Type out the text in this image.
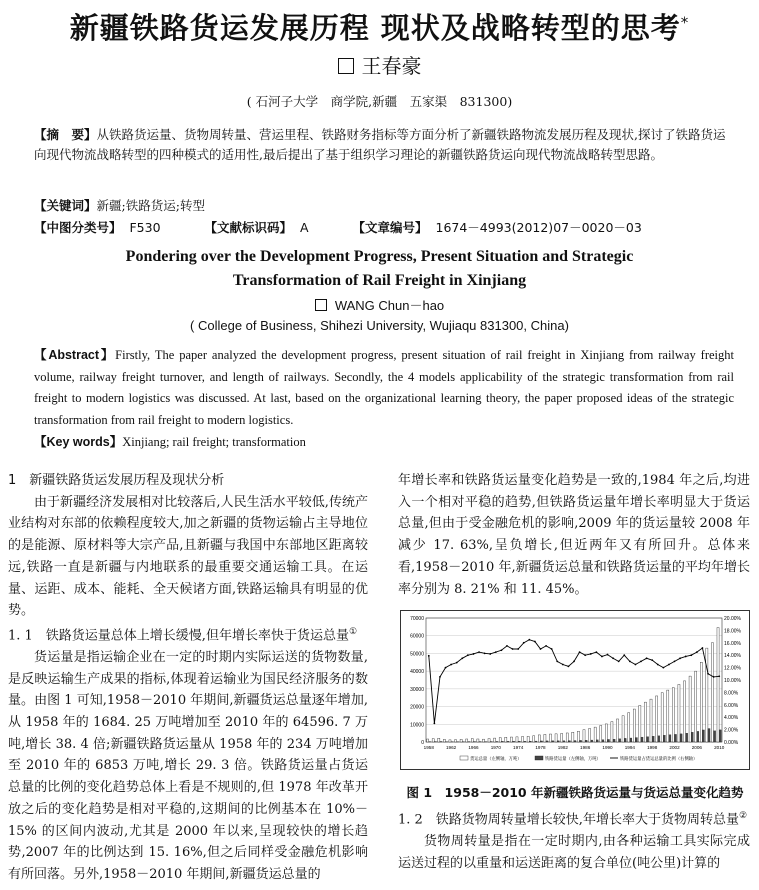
新疆铁路货运发展历程 现状及战略转型的思考*
王春豪
( 石河子大学　商学院,新疆　五家渠　831300)
【摘　要】从铁路货运量、货物周转量、营运里程、铁路财务指标等方面分析了新疆铁路物流发展历程及现状,探讨了铁路货运向现代物流战略转型的四种模式的适用性,最后提出了基于组织学习理论的新疆铁路货运向现代物流战略转型思路。
【关键词】新疆;铁路货运;转型
【中图分类号】 F530	【文献标识码】 A	【文章编号】 1674－4993(2012)07－0020－03
Pondering over the Development Progress, Present Situation and Strategic
Transformation of Rail Freight in Xinjiang
WANG Chun－hao
( College of Business, Shihezi University, Wujiaqu 831300, China)
【Abstract】Firstly, The paper analyzed the development progress, present situation of rail freight in Xinjiang from railway freight volume, railway freight turnover, and length of railways. Secondly, the 4 models applicability of the strategic transformation from rail freight to modern logistics was discussed. At last, based on the organizational learning theory, the paper proposed ideas of the strategic transformation from rail freight to modern logistics.
【Key words】Xinjiang; rail freight; transformation
1　新疆铁路货运发展历程及现状分析

由于新疆经济发展相对比较落后,人民生活水平较低,传统产业结构对东部的依赖程度较大,加之新疆的货物运输占主导地位的是能源、原材料等大宗产品,且新疆与我国中东部地区距离较远,铁路一直是新疆与内地联系的最重要交通运输工具。在运量、运距、成本、能耗、全天候诸方面,铁路运输具有明显的优势。

1. 1　铁路货运量总体上增长缓慢,但年增长率快于货运总量①

货运量是指运输企业在一定的时期内实际运送的货物数量,是反映运输生产成果的指标,体现着运输业为国民经济服务的数量。由图 1 可知,1958－2010 年期间,新疆货运总量逐年增加,从 1958 年的 1684. 25 万吨增加至 2010 年的 64596. 7 万吨,增长 38. 4 倍;新疆铁路货运量从 1958 年的 234 万吨增加至 2010 年的 6853 万吨,增长 29. 3 倍。铁路货运量占货运总量的比例的变化趋势总体上看是不规则的,但 1978 年改革开放之后的变化趋势是相对平稳的,这期间的比例基本在 10%－15% 的区间内波动,尤其是 2000 年以来,呈现较快的增长趋势,2007 年的比例达到 15. 16%,但之后同样受金融危机影响有所回落。另外,1958－2010 年期间,新疆货运总量的

年增长率和铁路货运量变化趋势是一致的,1984 年之后,均进入一个相对平稳的趋势,但铁路货运量年增长率明显大于货运总量,但由于受金融危机的影响,2009 年的货运量较 2008 年减少 17. 63%,呈负增长,但近两年又有所回升。总体来看,1958－2010 年,新疆货运总量和铁路货运量的平均年增长率分别为 8. 21% 和 11. 45%。

0
10000
20000
30000
40000
50000
60000
70000
0.00%
2.00%
4.00%
6.00%
8.00%
10.00%
12.00%
14.00%
16.00%
18.00%
20.00%
1958	1962	1966	1970	1974	1978	1982	1986	1990	1994	1998	2002	2006	2010
货运总量（左侧轴，万吨）	铁路货运量（左侧轴，万吨）	铁路货运量占货运总量的比例（右侧轴）
图 1　1958－2010 年新疆铁路货运量与货运总量变化趋势
1. 2　铁路货物周转量增长较快,年增长率大于货物周转总量②

货物周转量是指在一定时期内,由各种运输工具实际完成运送过程的以重量和运送距离的复合单位(吨公里)计算的
